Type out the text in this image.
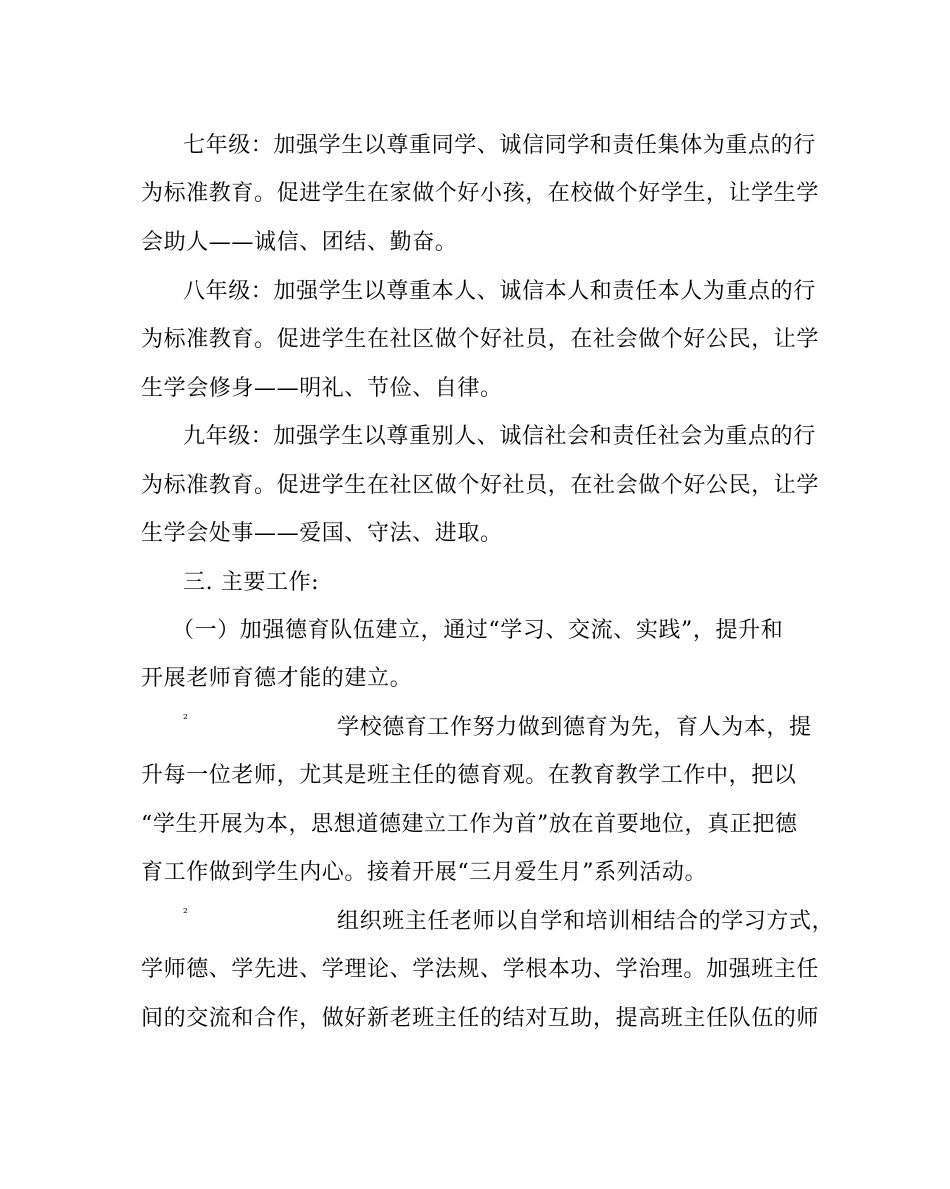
七年级：加强学生以尊重同学、诚信同学和责任集体为重点的行
为标准教育。促进学生在家做个好小孩，在校做个好学生，让学生学
会助人——诚信、团结、勤奋。
八年级：加强学生以尊重本人、诚信本人和责任本人为重点的行
为标准教育。促进学生在社区做个好社员，在社会做个好公民，让学
生学会修身——明礼、节俭、自律。
九年级：加强学生以尊重别人、诚信社会和责任社会为重点的行
为标准教育。促进学生在社区做个好社员，在社会做个好公民，让学
生学会处事——爱国、守法、进取。
三. 主要工作:
（一）加强德育队伍建立，通过“学习、交流、实践”，提升和
开展老师育德才能的建立。
²	学校德育工作努力做到德育为先，育人为本，提
升每一位老师，尤其是班主任的德育观。在教育教学工作中，把以
“学生开展为本，思想道德建立工作为首”放在首要地位，真正把德
育工作做到学生内心。接着开展“三月爱生月”系列活动。
²	组织班主任老师以自学和培训相结合的学习方式，
学师德、学先进、学理论、学法规、学根本功、学治理。加强班主任
间的交流和合作，做好新老班主任的结对互助，提高班主任队伍的师
